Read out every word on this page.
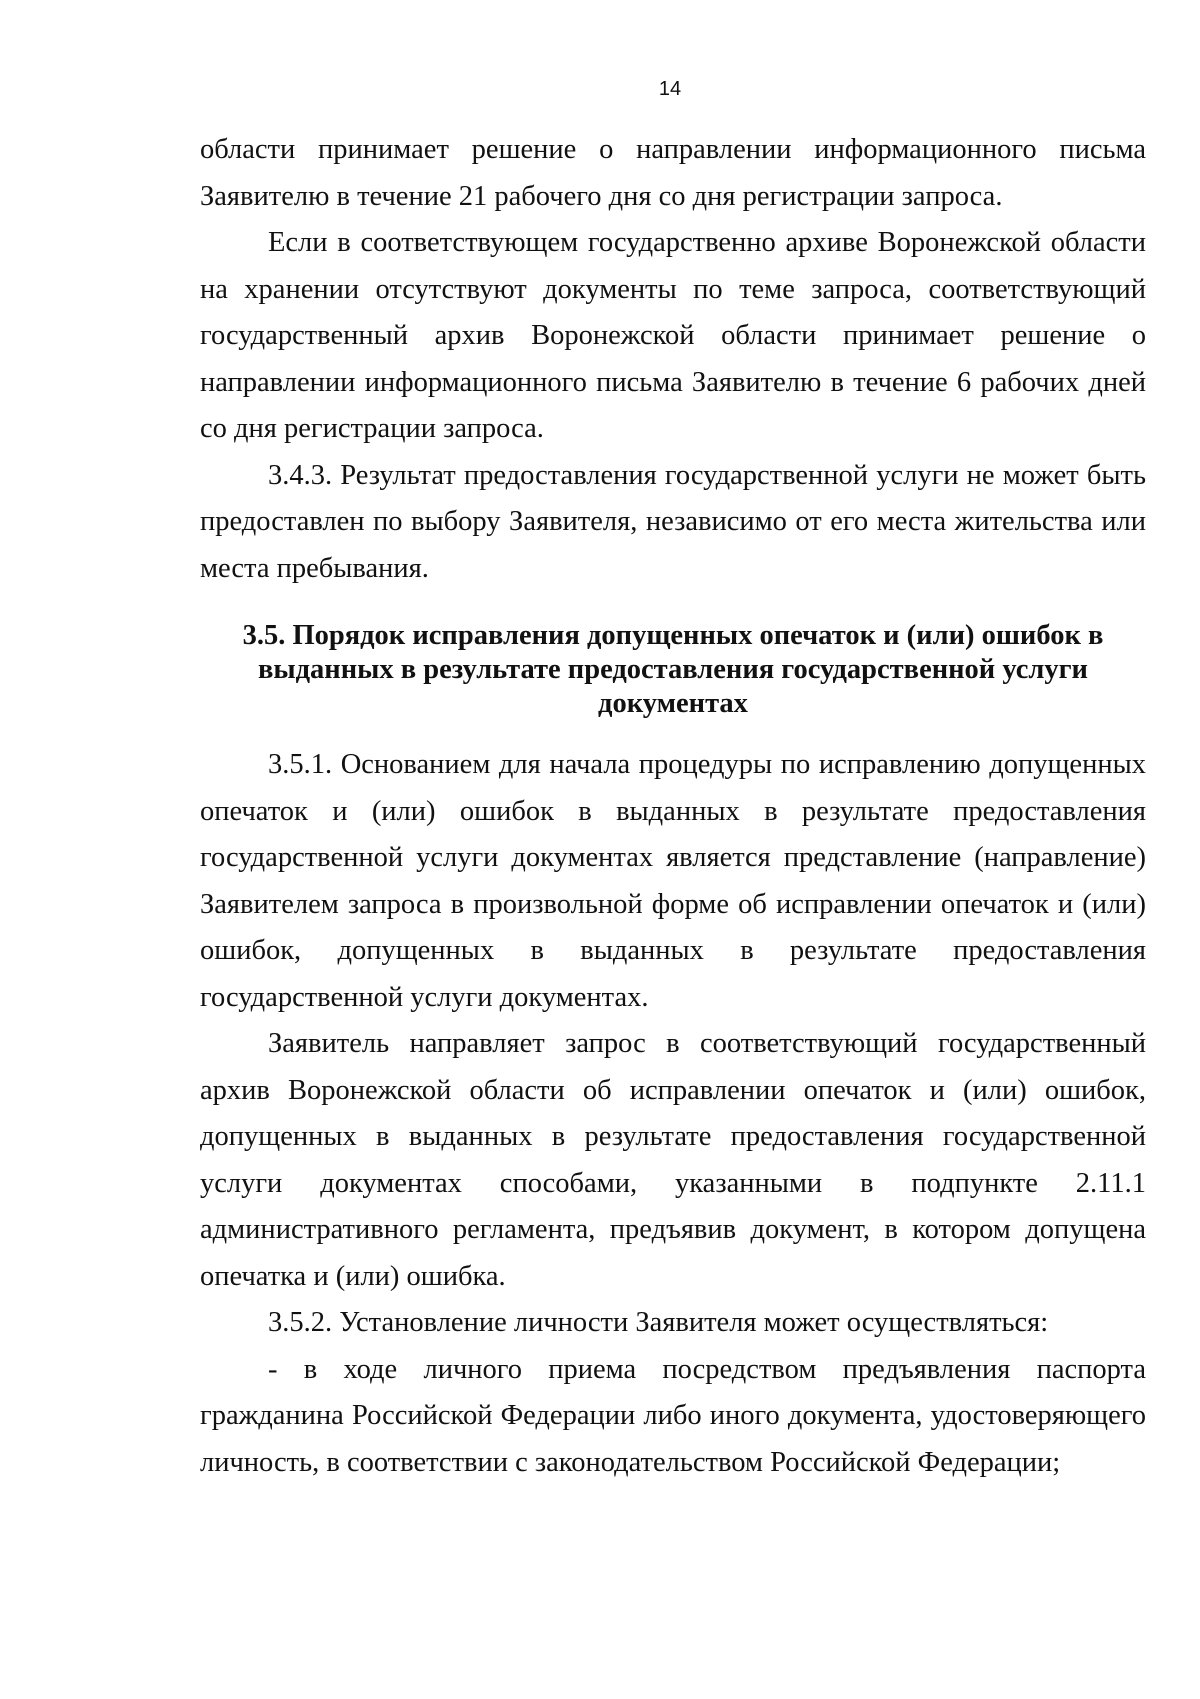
14

области принимает решение о направлении информационного письма Заявителю в течение 21 рабочего дня со дня регистрации запроса.

Если в соответствующем государственно архиве Воронежской области на хранении отсутствуют документы по теме запроса, соответствующий государственный архив Воронежской области принимает решение о направлении информационного письма Заявителю в течение 6 рабочих дней со дня регистрации запроса.

3.4.3. Результат предоставления государственной услуги не может быть предоставлен по выбору Заявителя, независимо от его места жительства или места пребывания.

3.5. Порядок исправления допущенных опечаток и (или) ошибок в выданных в результате предоставления государственной услуги документах

3.5.1. Основанием для начала процедуры по исправлению допущенных опечаток и (или) ошибок в выданных в результате предоставления государственной услуги документах является представление (направление) Заявителем запроса в произвольной форме об исправлении опечаток и (или) ошибок, допущенных в выданных в результате предоставления государственной услуги документах.

Заявитель направляет запрос в соответствующий государственный архив Воронежской области об исправлении опечаток и (или) ошибок, допущенных в выданных в результате предоставления государственной услуги документах способами, указанными в подпункте 2.11.1 административного регламента, предъявив документ, в котором допущена опечатка и (или) ошибка.

3.5.2. Установление личности Заявителя может осуществляться:

- в ходе личного приема посредством предъявления паспорта гражданина Российской Федерации либо иного документа, удостоверяющего личность, в соответствии с законодательством Российской Федерации;
